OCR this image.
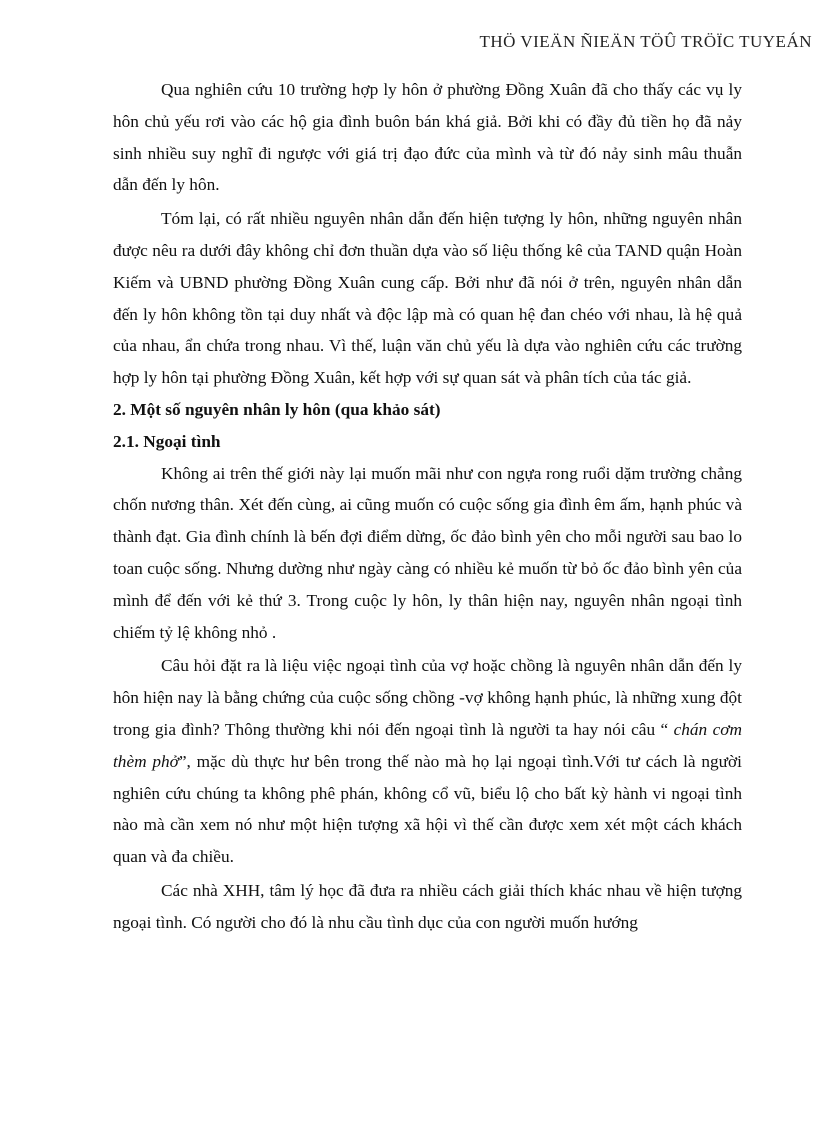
THÖ VIEÄN ÑIEÄN TÖÛ TRÖÏC TUYEÁN

Qua nghiên cứu 10 trường hợp ly hôn ở phường Đồng Xuân đã cho thấy các vụ ly hôn chủ yếu rơi vào các hộ gia đình buôn bán khá giả. Bởi khi có đầy đủ tiền họ đã nảy sinh nhiều suy nghĩ đi ngược với giá trị đạo đức của mình và từ đó nảy sinh mâu thuẫn dẫn đến ly hôn.

Tóm lại, có rất nhiều nguyên nhân dẫn đến hiện tượng ly hôn, những nguyên nhân được nêu ra dưới đây không chỉ đơn thuần dựa vào số liệu thống kê của TAND quận Hoàn Kiếm và UBND phường Đồng Xuân cung cấp. Bởi như đã nói ở trên, nguyên nhân dẫn đến ly hôn không tồn tại duy nhất và độc lập mà có quan hệ đan chéo với nhau, là hệ quả của nhau, ẩn chứa trong nhau. Vì thế, luận văn chủ yếu là dựa vào nghiên cứu các trường hợp ly hôn tại phường Đồng Xuân, kết hợp với sự quan sát và phân tích của tác giả.

2. Một số nguyên nhân ly hôn (qua khảo sát)

2.1. Ngoại tình

Không ai trên thế giới này lại muốn mãi như con ngựa rong ruổi dặm trường chẳng chốn nương thân. Xét đến cùng, ai cũng muốn có cuộc sống gia đình êm ấm, hạnh phúc và thành đạt. Gia đình chính là bến đợi điểm dừng, ốc đảo bình yên cho mỗi người sau bao lo toan cuộc sống. Nhưng dường như ngày càng có nhiều kẻ muốn từ bỏ ốc đảo bình yên của mình để đến với kẻ thứ 3. Trong cuộc ly hôn, ly thân hiện nay, nguyên nhân ngoại tình chiếm tỷ lệ không nhỏ .

Câu hỏi đặt ra là liệu việc ngoại tình của vợ hoặc chồng là nguyên nhân dẫn đến ly hôn hiện nay là bằng chứng của cuộc sống chồng -vợ không hạnh phúc, là những xung đột trong gia đình? Thông thường khi nói đến ngoại tình là người ta hay nói câu “ chán cơm thèm phở”, mặc dù thực hư bên trong thế nào mà họ lại ngoại tình.Với tư cách là người nghiên cứu chúng ta không phê phán, không cổ vũ, biểu lộ cho bất kỳ hành vi ngoại tình nào mà cần xem nó như một hiện tượng xã hội vì thế cần được xem xét một cách khách quan và đa chiều.

Các nhà XHH, tâm lý học đã đưa ra nhiều cách giải thích khác nhau về hiện tượng ngoại tình. Có người cho đó là nhu cầu tình dục của con người muốn hướng
